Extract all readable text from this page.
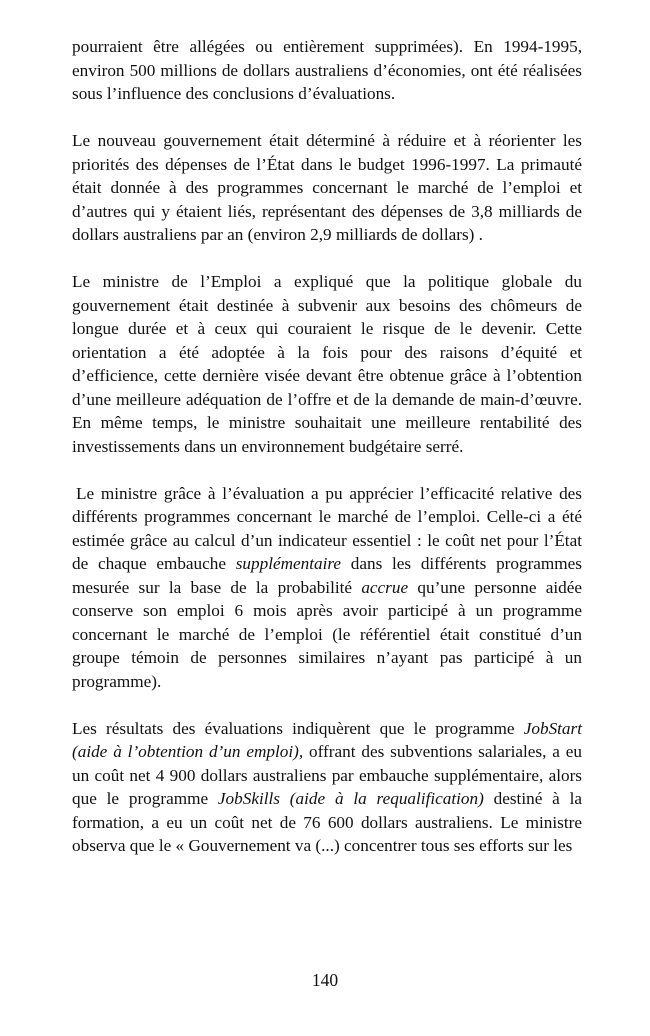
pourraient être allégées ou entièrement supprimées). En 1994-1995, environ 500 millions de dollars australiens d’économies, ont été réalisées sous l’influence des conclusions d’évaluations.

Le nouveau gouvernement était déterminé à réduire et à réorienter les priorités des dépenses de l’État dans le budget 1996-1997. La primauté était donnée à des programmes concernant le marché de l’emploi et d’autres qui y étaient liés, représentant des dépenses de 3,8 milliards de dollars australiens par an (environ 2,9 milliards de dollars) .

Le ministre de l’Emploi a expliqué que la politique globale du gouvernement était destinée à subvenir aux besoins des chômeurs de longue durée et à ceux qui couraient le risque de le devenir. Cette orientation a été adoptée à la fois pour des raisons d’équité et d’efficience, cette dernière visée devant être obtenue grâce à l’obtention d’une meilleure adéquation de l’offre et de la demande de main-d’œuvre. En même temps, le ministre souhaitait une meilleure rentabilité des investissements dans un environnement budgétaire serré.

Le ministre grâce à l’évaluation a pu apprécier l’efficacité relative des différents programmes concernant le marché de l’emploi. Celle-ci a été estimée grâce au calcul d’un indicateur essentiel : le coût net pour l’État de chaque embauche supplémentaire dans les différents programmes mesurée sur la base de la probabilité accrue qu’une personne aidée conserve son emploi 6 mois après avoir participé à un programme concernant le marché de l’emploi (le référentiel était constitué d’un groupe témoin de personnes similaires n’ayant pas participé à un programme).

Les résultats des évaluations indiquèrent que le programme JobStart (aide à l’obtention d’un emploi), offrant des subventions salariales, a eu un coût net 4 900 dollars australiens par embauche supplémentaire, alors que le programme JobSkills (aide à la requalification) destiné à la formation, a eu un coût net de 76 600 dollars australiens. Le ministre observa que le « Gouvernement va (...) concentrer tous ses efforts sur les

140
